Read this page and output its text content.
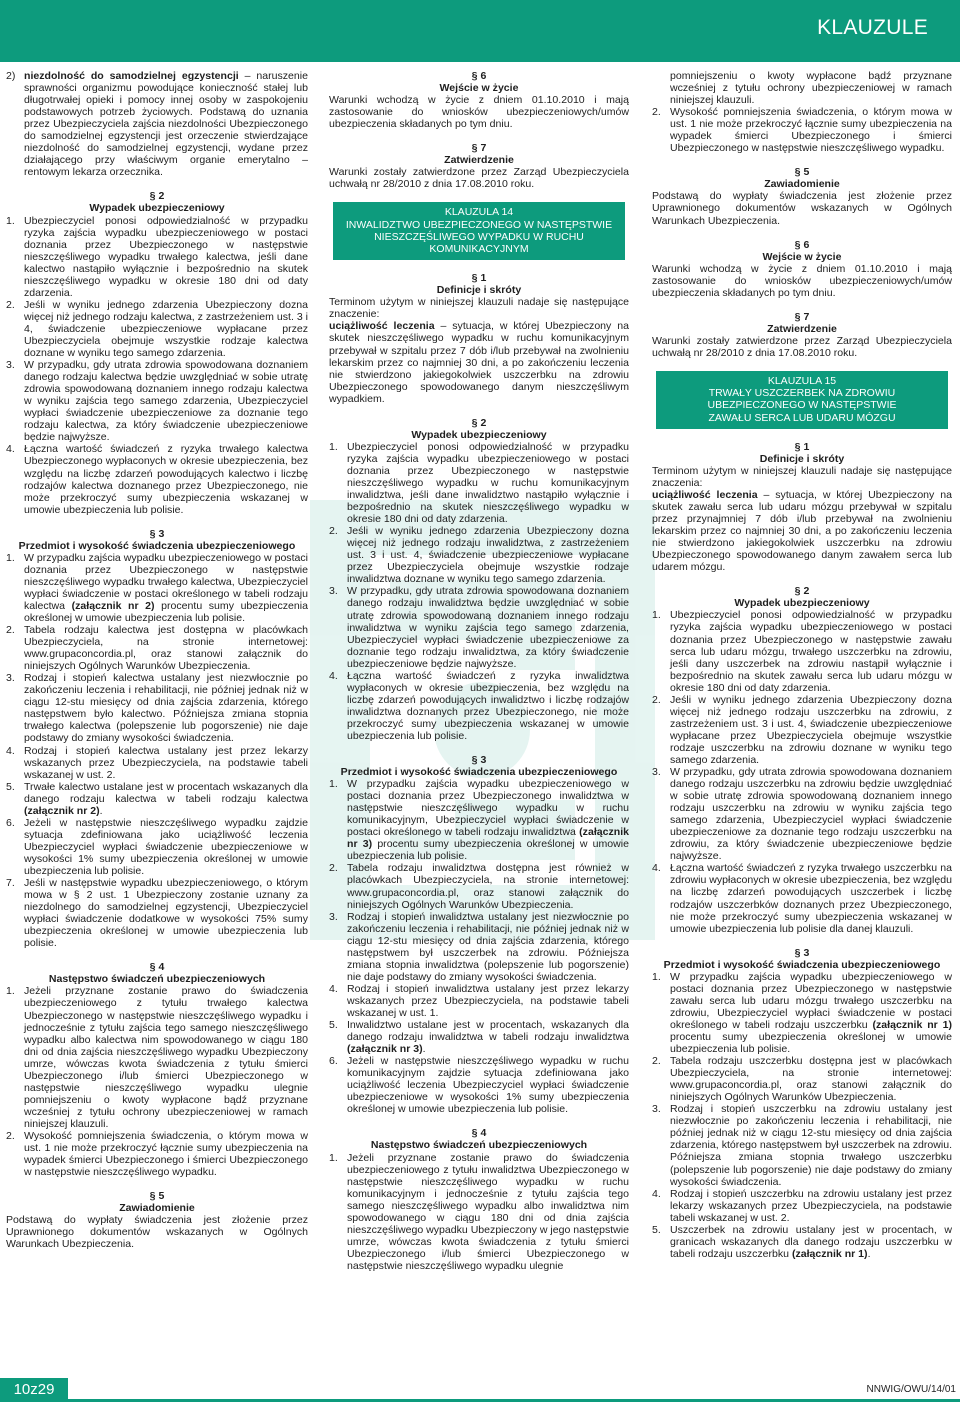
KLAUZULE
2) niezdolność do samodzielnej egzystencji – naruszenie sprawności organizmu powodujące konieczność stałej lub długotrwałej opieki i pomocy innej osoby w zaspokojeniu podstawowych potrzeb życiowych. Podstawą do uznania przez Ubezpieczyciela zajścia niezdolności Ubezpieczonego do samodzielnej egzystencji jest orzeczenie stwierdzające niezdolność do samodzielnej egzystencji, wydane przez działającego przy właściwym organie emerytalno – rentowym lekarza orzecznika.

§ 2

Wypadek ubezpieczeniowy

1. Ubezpieczyciel ponosi odpowiedzialność w przypadku ryzyka zajścia wypadku ubezpieczeniowego w postaci doznania przez Ubezpieczonego w następstwie nieszczęśliwego wypadku trwałego kalectwa, jeśli dane kalectwo nastąpiło wyłącznie i bezpośrednio na skutek nieszczęśliwego wypadku w okresie 180 dni od daty zdarzenia.
2. Jeśli w wyniku jednego zdarzenia Ubezpieczony dozna więcej niż jednego rodzaju kalectwa, z zastrzeżeniem ust. 3 i 4, świadczenie ubezpieczeniowe wypłacane przez Ubezpieczyciela obejmuje wszystkie rodzaje kalectwa doznane w wyniku tego samego zdarzenia.
3. W przypadku, gdy utrata zdrowia spowodowana doznaniem danego rodzaju kalectwa będzie uwzględniać w sobie utratę zdrowia spowodowaną doznaniem innego rodzaju kalectwa w wyniku zajścia tego samego zdarzenia, Ubezpieczyciel wypłaci świadczenie ubezpieczeniowe za doznanie tego rodzaju kalectwa, za który świadczenie ubezpieczeniowe będzie najwyższe.
4. Łączna wartość świadczeń z ryzyka trwałego kalectwa Ubezpieczonego wypłaconych w okresie ubezpieczenia, bez względu na liczbę zdarzeń powodujących kalectwo i liczbę rodzajów kalectwa doznanego przez Ubezpieczonego, nie może przekroczyć sumy ubezpieczenia wskazanej w umowie ubezpieczenia lub polisie.

§ 3

Przedmiot i wysokość świadczenia ubezpieczeniowego

1. W przypadku zajścia wypadku ubezpieczeniowego w postaci doznania przez Ubezpieczonego w następstwie nieszczęśliwego wypadku trwałego kalectwa, Ubezpieczyciel wypłaci świadczenie w postaci określonego w tabeli rodzaju kalectwa (załącznik nr 2) procentu sumy ubezpieczenia określonej w umowie ubezpieczenia lub polisie.
2. Tabela rodzaju kalectwa jest dostępna w placówkach Ubezpieczyciela, na stronie internetowej: www.grupaconcordia.pl, oraz stanowi załącznik do niniejszych Ogólnych Warunków Ubezpieczenia.
3. Rodzaj i stopień kalectwa ustalany jest niezwłocznie po zakończeniu leczenia i rehabilitacji, nie później jednak niż w ciągu 12-stu miesięcy od dnia zajścia zdarzenia, którego następstwem było kalectwo. Późniejsza zmiana stopnia trwałego kalectwa (polepszenie lub pogorszenie) nie daje podstawy do zmiany wysokości świadczenia.
4. Rodzaj i stopień kalectwa ustalany jest przez lekarzy wskazanych przez Ubezpieczyciela, na podstawie tabeli wskazanej w ust. 2.
5. Trwałe kalectwo ustalane jest w procentach wskazanych dla danego rodzaju kalectwa w tabeli rodzaju kalectwa (załącznik nr 2).
6. Jeżeli w następstwie nieszczęśliwego wypadku zajdzie sytuacja zdefiniowana jako uciążliwość leczenia Ubezpieczyciel wypłaci świadczenie ubezpieczeniowe w wysokości 1% sumy ubezpieczenia określonej w umowie ubezpieczenia lub polisie.
7. Jeśli w następstwie wypadku ubezpieczeniowego, o którym mowa w § 2 ust. 1 Ubezpieczony zostanie uznany za niezdolnego do samodzielnej egzystencji, Ubezpieczyciel wypłaci świadczenie dodatkowe w wysokości 75% sumy ubezpieczenia określonej w umowie ubezpieczenia lub polisie.

§ 4

Następstwo świadczeń ubezpieczeniowych

1. Jeżeli przyznane zostanie prawo do świadczenia ubezpieczeniowego z tytułu trwałego kalectwa Ubezpieczonego w następstwie nieszczęśliwego wypadku i jednocześnie z tytułu zajścia tego samego nieszczęśliwego wypadku albo kalectwa nim spowodowanego w ciągu 180 dni od dnia zajścia nieszczęśliwego wypadku Ubezpieczony umrze, wówczas kwota świadczenia z tytułu śmierci Ubezpieczonego i/lub śmierci Ubezpieczonego w następstwie nieszczęśliwego wypadku ulegnie pomniejszeniu o kwoty wypłacone bądź przyznane wcześniej z tytułu ochrony ubezpieczeniowej w ramach niniejszej klauzuli.
2. Wysokość pomniejszenia świadczenia, o którym mowa w ust. 1 nie może przekroczyć łącznie sumy ubezpieczenia na wypadek śmierci Ubezpieczonego i śmierci Ubezpieczonego w następstwie nieszczęśliwego wypadku.

§ 5

Zawiadomienie

Podstawą do wypłaty świadczenia jest złożenie przez Uprawnionego dokumentów wskazanych w Ogólnych Warunkach Ubezpieczenia.

§ 6

Wejście w życie

Warunki wchodzą w życie z dniem 01.10.2010 i mają zastosowanie do wniosków ubezpieczeniowych/umów ubezpieczenia składanych po tym dniu.

§ 7

Zatwierdzenie

Warunki zostały zatwierdzone przez Zarząd Ubezpieczyciela uchwałą nr 28/2010 z dnia 17.08.2010 roku.

KLAUZULA 14
INWALIDZTWO UBEZPIECZONEGO W NASTĘPSTWIE
NIESZCZĘŚLIWEGO WYPADKU W RUCHU
KOMUNIKACYJNYM

§ 1

Definicje i skróty

Terminom użytym w niniejszej klauzuli nadaje się następujące znaczenie:

uciążliwość leczenia – sytuacja, w której Ubezpieczony na skutek nieszczęśliwego wypadku w ruchu komunikacyjnym przebywał w szpitalu przez 7 dób i/lub przebywał na zwolnieniu lekarskim przez co najmniej 30 dni, a po zakończeniu leczenia nie stwierdzono jakiegokolwiek uszczerbku na zdrowiu Ubezpieczonego spowodowanego danym nieszczęśliwym wypadkiem.

§ 2

Wypadek ubezpieczeniowy

1. Ubezpieczyciel ponosi odpowiedzialność w przypadku ryzyka zajścia wypadku ubezpieczeniowego w postaci doznania przez Ubezpieczonego w następstwie nieszczęśliwego wypadku w ruchu komunikacyjnym inwalidztwa, jeśli dane inwalidztwo nastąpiło wyłącznie i bezpośrednio na skutek nieszczęśliwego wypadku w okresie 180 dni od daty zdarzenia.
2. Jeśli w wyniku jednego zdarzenia Ubezpieczony dozna więcej niż jednego rodzaju inwalidztwa, z zastrzeżeniem ust. 3 i ust. 4, świadczenie ubezpieczeniowe wypłacane przez Ubezpieczyciela obejmuje wszystkie rodzaje inwalidztwa doznane w wyniku tego samego zdarzenia.
3. W przypadku, gdy utrata zdrowia spowodowana doznaniem danego rodzaju inwalidztwa będzie uwzględniać w sobie utratę zdrowia spowodowaną doznaniem innego rodzaju inwalidztwa w wyniku zajścia tego samego zdarzenia, Ubezpieczyciel wypłaci świadczenie ubezpieczeniowe za doznanie tego rodzaju inwalidztwa, za który świadczenie ubezpieczeniowe będzie najwyższe.
4. Łączna wartość świadczeń z ryzyka inwalidztwa wypłaconych w okresie ubezpieczenia, bez względu na liczbę zdarzeń powodujących inwalidztwo i liczbę rodzajów inwalidztwa doznanych przez Ubezpieczonego, nie może przekroczyć sumy ubezpieczenia wskazanej w umowie ubezpieczenia lub polisie.

§ 3

Przedmiot i wysokość świadczenia ubezpieczeniowego

1. W przypadku zajścia wypadku ubezpieczeniowego w postaci doznania przez Ubezpieczonego inwalidztwa w następstwie nieszczęśliwego wypadku w ruchu komunikacyjnym, Ubezpieczyciel wypłaci świadczenie w postaci określonego w tabeli rodzaju inwalidztwa (załącznik nr 3) procentu sumy ubezpieczenia określonej w umowie ubezpieczenia lub polisie.
2. Tabela rodzaju inwalidztwa dostępna jest również w placówkach Ubezpieczyciela, na stronie internetowej: www.grupaconcordia.pl, oraz stanowi załącznik do niniejszych Ogólnych Warunków Ubezpieczenia.
3. Rodzaj i stopień inwalidztwa ustalany jest niezwłocznie po zakończeniu leczenia i rehabilitacji, nie później jednak niż w ciągu 12-stu miesięcy od dnia zajścia zdarzenia, którego następstwem był uszczerbek na zdrowiu. Późniejsza zmiana stopnia inwalidztwa (polepszenie lub pogorszenie) nie daje podstawy do zmiany wysokości świadczenia.
4. Rodzaj i stopień inwalidztwa ustalany jest przez lekarzy wskazanych przez Ubezpieczyciela, na podstawie tabeli wskazanej w ust. 1.
5. Inwalidztwo ustalane jest w procentach, wskazanych dla danego rodzaju inwalidztwa w tabeli rodzaju inwalidztwa (załącznik nr 3).
6. Jeżeli w następstwie nieszczęśliwego wypadku w ruchu komunikacyjnym zajdzie sytuacja zdefiniowana jako uciążliwość leczenia Ubezpieczyciel wypłaci świadczenie ubezpieczeniowe w wysokości 1% sumy ubezpieczenia określonej w umowie ubezpieczenia lub polisie.

§ 4

Następstwo świadczeń ubezpieczeniowych

1. Jeżeli przyznane zostanie prawo do świadczenia ubezpieczeniowego z tytułu inwalidztwa Ubezpieczonego w następstwie nieszczęśliwego wypadku w ruchu komunikacyjnym i jednocześnie z tytułu zajścia tego samego nieszczęśliwego wypadku albo inwalidztwa nim spowodowanego w ciągu 180 dni od dnia zajścia nieszczęśliwego wypadku Ubezpieczony w jego następstwie umrze, wówczas kwota świadczenia z tytułu śmierci Ubezpieczonego i/lub śmierci Ubezpieczonego w następstwie nieszczęśliwego wypadku ulegnie

pomniejszeniu o kwoty wypłacone bądź przyznane wcześniej z tytułu ochrony ubezpieczeniowej w ramach niniejszej klauzuli.

2. Wysokość pomniejszenia świadczenia, o którym mowa w ust. 1 nie może przekroczyć łącznie sumy ubezpieczenia na wypadek śmierci Ubezpieczonego i śmierci Ubezpieczonego w następstwie nieszczęśliwego wypadku.

§ 5

Zawiadomienie

Podstawą do wypłaty świadczenia jest złożenie przez Uprawnionego dokumentów wskazanych w Ogólnych Warunkach Ubezpieczenia.

§ 6

Wejście w życie

Warunki wchodzą w życie z dniem 01.10.2010 i mają zastosowanie do wniosków ubezpieczeniowych/umów ubezpieczenia składanych po tym dniu.

§ 7

Zatwierdzenie

Warunki zostały zatwierdzone przez Zarząd Ubezpieczyciela uchwałą nr 28/2010 z dnia 17.08.2010 roku.

KLAUZULA 15
TRWAŁY USZCZERBEK NA ZDROWIU
UBEZPIECZONEGO W NASTĘPSTWIE
ZAWAŁU SERCA LUB UDARU MÓZGU

§ 1

Definicje i skróty

Terminom użytym w niniejszej klauzuli nadaje się następujące znaczenia:

uciążliwość leczenia – sytuacja, w której Ubezpieczony na skutek zawału serca lub udaru mózgu przebywał w szpitalu przez przynajmniej 7 dób i/lub przebywał na zwolnieniu lekarskim przez co najmniej 30 dni, a po zakończeniu leczenia nie stwierdzono jakiegokolwiek uszczerbku na zdrowiu Ubezpieczonego spowodowanego danym zawałem serca lub udarem mózgu.

§ 2

Wypadek ubezpieczeniowy

1. Ubezpieczyciel ponosi odpowiedzialność w przypadku ryzyka zajścia wypadku ubezpieczeniowego w postaci doznania przez Ubezpieczonego w następstwie zawału serca lub udaru mózgu, trwałego uszczerbku na zdrowiu, jeśli dany uszczerbek na zdrowiu nastąpił wyłącznie i bezpośrednio na skutek zawału serca lub udaru mózgu w okresie 180 dni od daty zdarzenia.
2. Jeśli w wyniku jednego zdarzenia Ubezpieczony dozna więcej niż jednego rodzaju uszczerbku na zdrowiu, z zastrzeżeniem ust. 3 i ust. 4, świadczenie ubezpieczeniowe wypłacane przez Ubezpieczyciela obejmuje wszystkie rodzaje uszczerbku na zdrowiu doznane w wyniku tego samego zdarzenia.
3. W przypadku, gdy utrata zdrowia spowodowana doznaniem danego rodzaju uszczerbku na zdrowiu będzie uwzględniać w sobie utratę zdrowia spowodowaną doznaniem innego rodzaju uszczerbku na zdrowiu w wyniku zajścia tego samego zdarzenia, Ubezpieczyciel wypłaci świadczenie ubezpieczeniowe za doznanie tego rodzaju uszczerbku na zdrowiu, za który świadczenie ubezpieczeniowe będzie najwyższe.
4. Łączna wartość świadczeń z ryzyka trwałego uszczerbku na zdrowiu wypłaconych w okresie ubezpieczenia, bez względu na liczbę zdarzeń powodujących uszczerbek i liczbę rodzajów uszczerbków doznanych przez Ubezpieczonego, nie może przekroczyć sumy ubezpieczenia wskazanej w umowie ubezpieczenia lub polisie dla danej klauzuli.

§ 3

Przedmiot i wysokość świadczenia ubezpieczeniowego

1. W przypadku zajścia wypadku ubezpieczeniowego w postaci doznania przez Ubezpieczonego w następstwie zawału serca lub udaru mózgu trwałego uszczerbku na zdrowiu, Ubezpieczyciel wypłaci świadczenie w postaci określonego w tabeli rodzaju uszczerbku (załącznik nr 1) procentu sumy ubezpieczenia określonej w umowie ubezpieczenia lub polisie.
2. Tabela rodzaju uszczerbku dostępna jest w placówkach Ubezpieczyciela, na stronie internetowej: www.grupaconcordia.pl, oraz stanowi załącznik do niniejszych Ogólnych Warunków Ubezpieczenia.
3. Rodzaj i stopień uszczerbku na zdrowiu ustalany jest niezwłocznie po zakończeniu leczenia i rehabilitacji, nie później jednak niż w ciągu 12-stu miesięcy od dnia zajścia zdarzenia, którego następstwem był uszczerbek na zdrowiu. Późniejsza zmiana stopnia trwałego uszczerbku (polepszenie lub pogorszenie) nie daje podstawy do zmiany wysokości świadczenia.
4. Rodzaj i stopień uszczerbku na zdrowiu ustalany jest przez lekarzy wskazanych przez Ubezpieczyciela, na podstawie tabeli wskazanej w ust. 2.
5. Uszczerbek na zdrowiu ustalany jest w procentach, w granicach wskazanych dla danego rodzaju uszczerbku w tabeli rodzaju uszczerbku (załącznik nr 1).
10z29	NNWIG/OWU/14/01
